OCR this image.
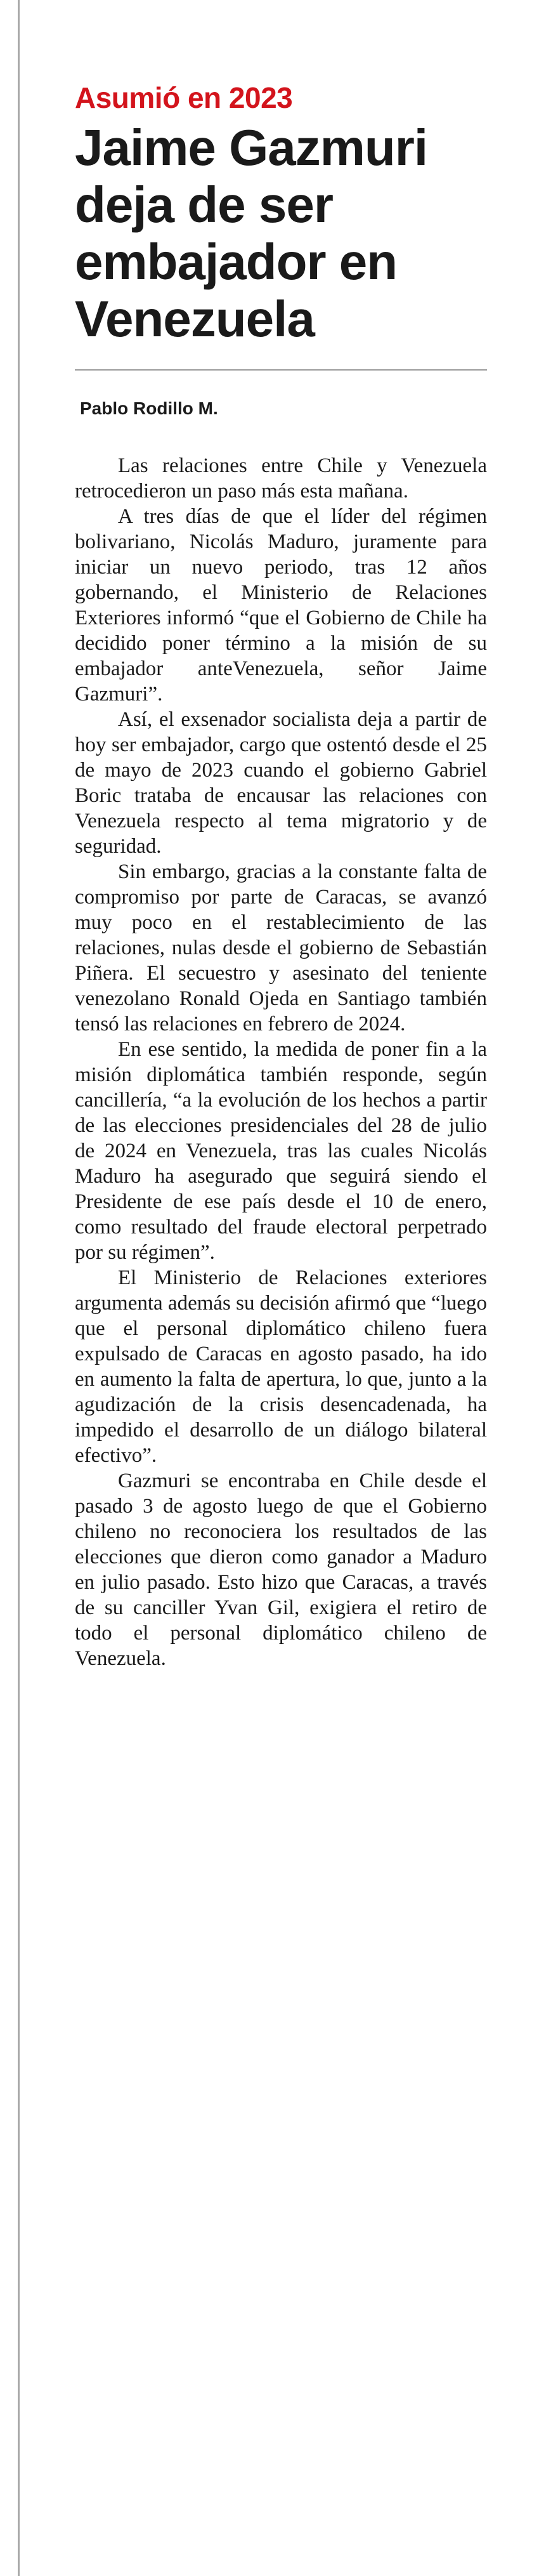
Asumió en 2023
Jaime Gazmuri deja de ser embajador en Venezuela
Pablo Rodillo M.

Las relaciones entre Chile y Venezuela retrocedieron un paso más esta mañana.

A tres días de que el líder del régimen bolivariano, Nicolás Maduro, juramente para iniciar un nuevo periodo, tras 12 años gobernando, el Ministerio de Relaciones Exteriores informó “que el Gobierno de Chile ha decidido poner término a la misión de su embajador anteVenezuela, señor Jaime Gazmuri”.

Así, el exsenador socialista deja a partir de hoy ser embajador, cargo que ostentó desde el 25 de mayo de 2023 cuando el gobierno Gabriel Boric trataba de encausar las relaciones con Venezuela respecto al tema migratorio y de seguridad.

Sin embargo, gracias a la constante falta de compromiso por parte de Caracas, se avanzó muy poco en el restablecimiento de las relaciones, nulas desde el gobierno de Sebastián Piñera. El secuestro y asesinato del teniente venezolano Ronald Ojeda en Santiago también tensó las relaciones en febrero de 2024.

En ese sentido, la medida de poner fin a la misión diplomática también responde, según cancillería, “a la evolución de los hechos a partir de las elecciones presidenciales del 28 de julio de 2024 en Venezuela, tras las cuales Nicolás Maduro ha asegurado que seguirá siendo el Presidente de ese país desde el 10 de enero, como resultado del fraude electoral perpetrado por su régimen”.

El Ministerio de Relaciones exteriores argumenta además su decisión afirmó que “luego que el personal diplomático chileno fuera expulsado de Caracas en agosto pasado, ha ido en aumento la falta de apertura, lo que, junto a la agudización de la crisis desencadenada, ha impedido el desarrollo de un diálogo bilateral efectivo”.

Gazmuri se encontraba en Chile desde el pasado 3 de agosto luego de que el Gobierno chileno no reconociera los resultados de las elecciones que dieron como ganador a Maduro en julio pasado. Esto hizo que Caracas, a través de su canciller Yvan Gil, exigiera el retiro de todo el personal diplomático chileno de Venezuela.
